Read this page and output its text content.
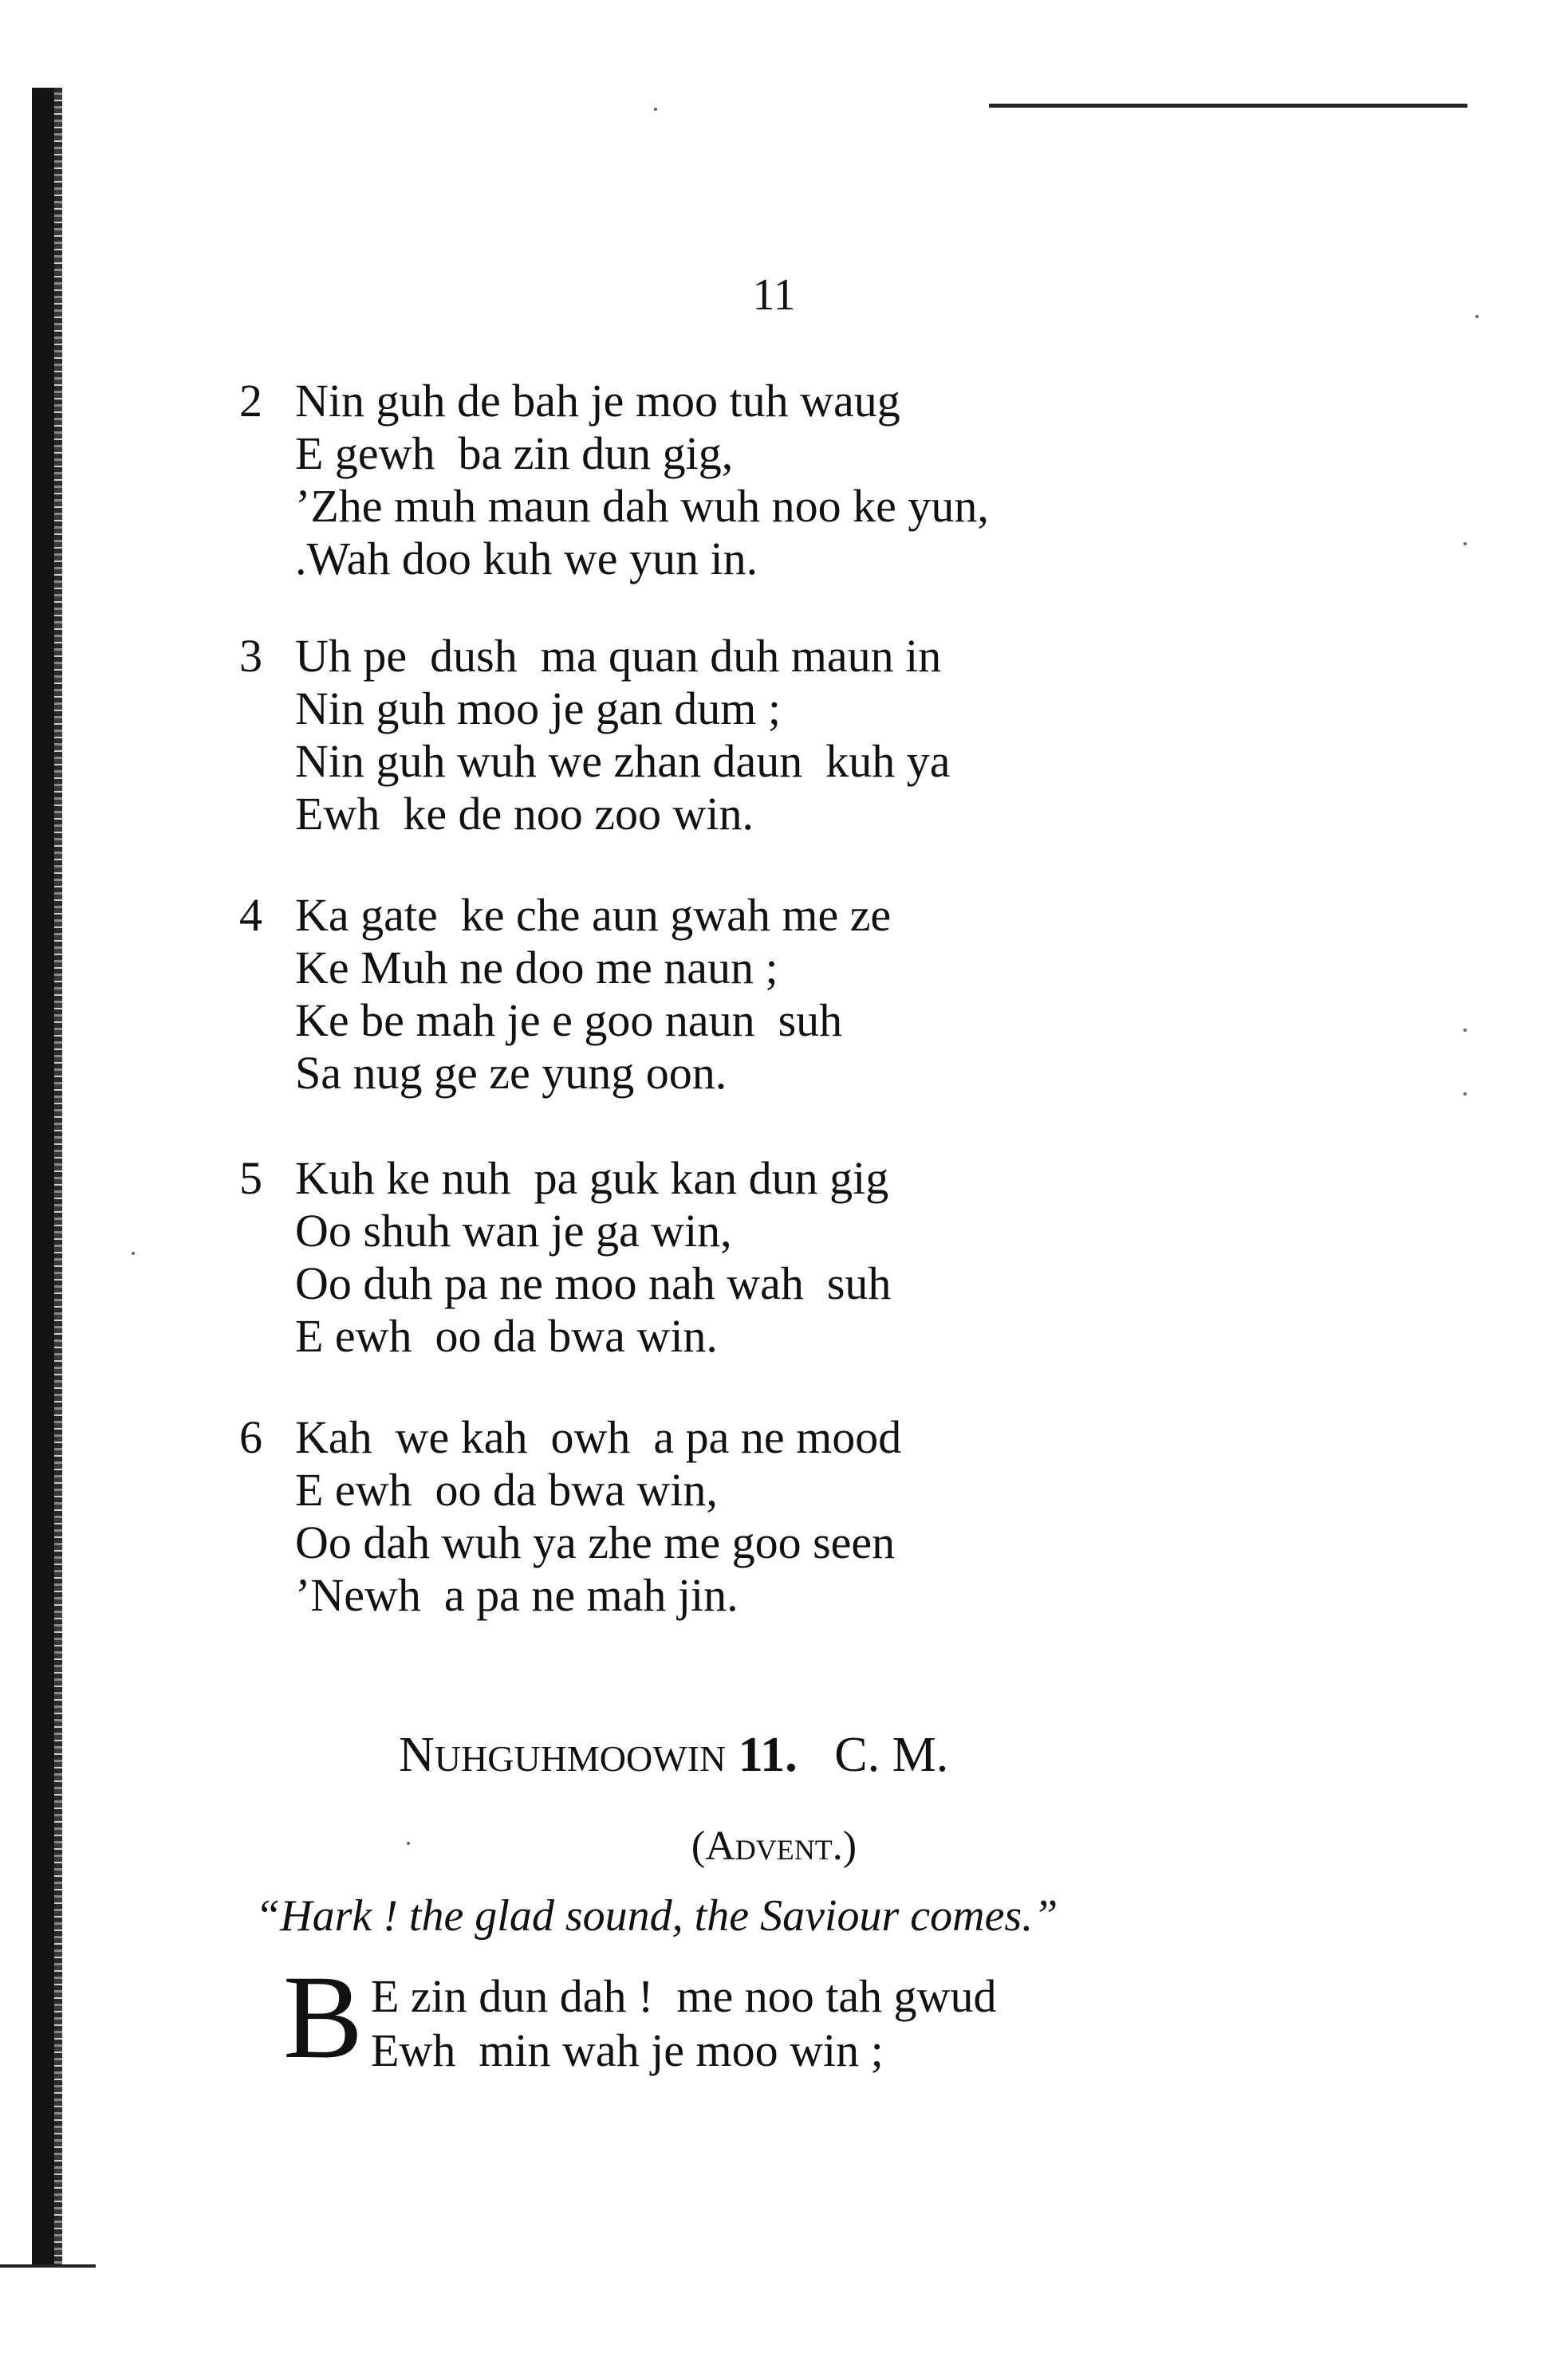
11
2 Nin guh de bah je moo tuh waug
E gewh  ba zin dun gig,
’Zhe muh maun dah wuh noo ke yun,
.Wah doo kuh we yun in.
3 Uh pe  dush  ma quan duh maun in
Nin guh moo je gan dum ;
Nin guh wuh we zhan daun  kuh ya
Ewh  ke de noo zoo win.
4 Ka gate  ke che aun gwah me ze
Ke Muh ne doo me naun ;
Ke be mah je e goo naun  suh
Sa nug ge ze yung oon.
5 Kuh ke nuh  pa guk kan dun gig
Oo shuh wan je ga win,
Oo duh pa ne moo nah wah  suh
E ewh  oo da bwa win.
6 Kah  we kah  owh  a pa ne mood
E ewh  oo da bwa win,
Oo dah wuh ya zhe me goo seen
’Newh  a pa ne mah jin.
NUHGUHMOOWIN 11.   C. M.
(Advent.)
“Hark ! the glad sound, the Saviour comes.”
B E zin dun dah !  me noo tah gwud
Ewh  min wah je moo win ;
